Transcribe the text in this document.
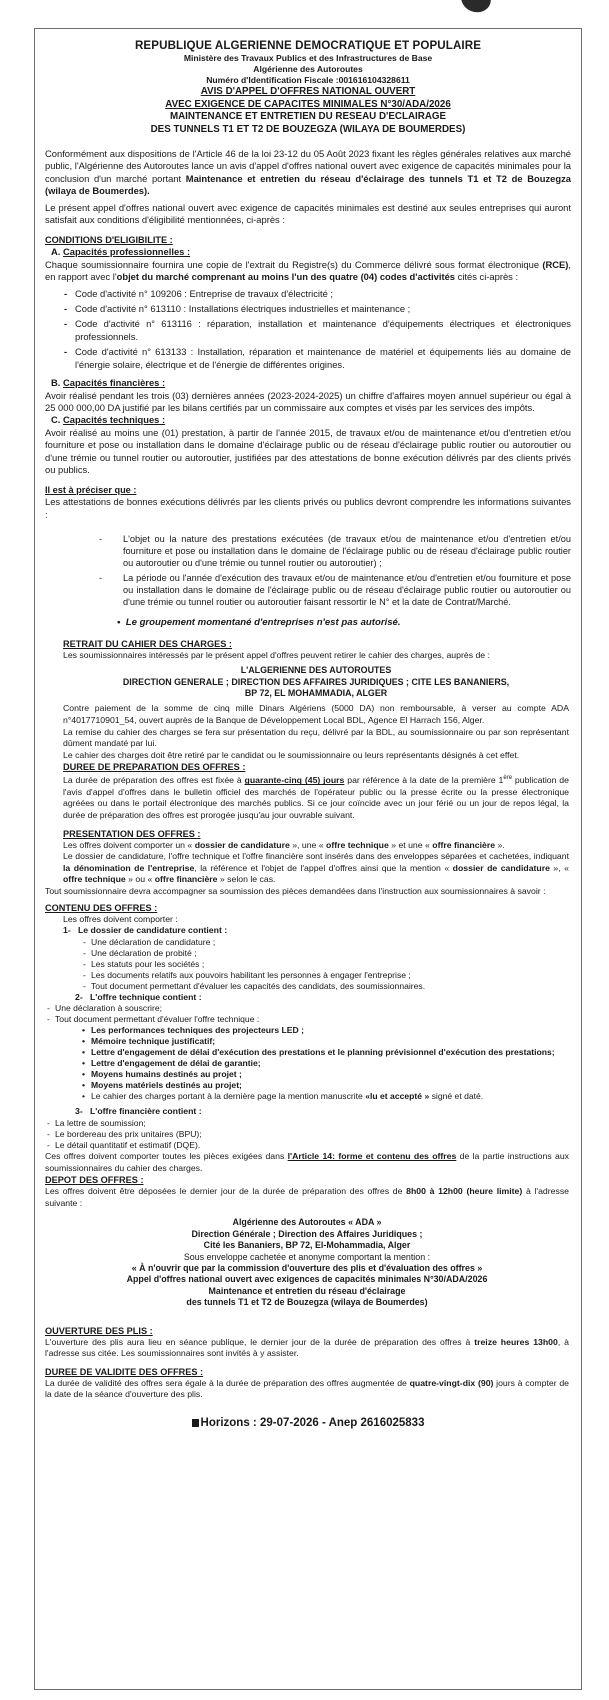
REPUBLIQUE ALGERIENNE DEMOCRATIQUE ET POPULAIRE
Ministère des Travaux Publics et des Infrastructures de Base
Algérienne des Autoroutes
Numéro d'Identification Fiscale :001616104328611
AVIS D'APPEL D'OFFRES NATIONAL OUVERT
AVEC EXIGENCE DE CAPACITES MINIMALES N°30/ADA/2026
MAINTENANCE ET ENTRETIEN DU RESEAU D'ECLAIRAGE
DES TUNNELS T1 ET T2 DE BOUZEGZA (WILAYA DE BOUMERDES)

Conformément aux dispositions de l'Article 46 de la loi 23-12 du 05 Août 2023 fixant les règles générales relatives aux marché public, l'Algérienne des Autoroutes lance un avis d'appel d'offres national ouvert avec exigence de capacités minimales pour la conclusion d'un marché portant Maintenance et entretien du réseau d'éclairage des tunnels T1 et T2 de Bouzegza (wilaya de Boumerdes).

Le présent appel d'offres national ouvert avec exigence de capacités minimales est destiné aux seules entreprises qui auront satisfait aux conditions d'éligibilité mentionnées, ci-après :

CONDITIONS D'ELIGIBILITE :
A. Capacités professionnelles :

Chaque soumissionnaire fournira une copie de l'extrait du Registre(s) du Commerce délivré sous format électronique (RCE), en rapport avec l'objet du marché comprenant au moins l'un des quatre (04) codes d'activités cités ci-après :

- Code d'activité n° 109206 : Entreprise de travaux d'électricité ;
- Code d'activité n° 613110 : Installations électriques industrielles et maintenance ;
- Code d'activité n° 613116 : réparation, installation et maintenance d'équipements électriques et électroniques professionnels.
- Code d'activité n° 613133 : Installation, réparation et maintenance de matériel et équipements liés au domaine de l'énergie solaire, électrique et de l'énergie de différentes origines.
B. Capacités financières :

Avoir réalisé pendant les trois (03) dernières années (2023-2024-2025) un chiffre d'affaires moyen annuel supérieur ou égal à 25 000 000,00 DA justifié par les bilans certifiés par un commissaire aux comptes et visés par les services des impôts.

C. Capacités techniques :

Avoir réalisé au moins une (01) prestation, à partir de l'année 2015, de travaux et/ou de maintenance et/ou d'entretien et/ou fourniture et pose ou installation dans le domaine d'éclairage public ou de réseau d'éclairage public routier ou autoroutier ou d'une trémie ou tunnel routier ou autoroutier, justifiées par des attestations de bonne exécution délivrés par des clients privés ou publics.

Il est à préciser que :

Les attestations de bonnes exécutions délivrés par les clients privés ou publics devront comprendre les informations suivantes :

- L'objet ou la nature des prestations exécutées (de travaux et/ou de maintenance et/ou d'entretien et/ou fourniture et pose ou installation dans le domaine de l'éclairage public ou de réseau d'éclairage public routier ou autoroutier ou d'une trémie ou tunnel routier ou autoroutier) ;
- La période ou l'année d'exécution des travaux et/ou de maintenance et/ou d'entretien et/ou fourniture et pose ou installation dans le domaine de l'éclairage public ou de réseau d'éclairage public routier ou autoroutier ou d'une trémie ou tunnel routier ou autoroutier faisant ressortir le N° et la date de Contrat/Marché.
•  Le groupement momentané d'entreprises n'est pas autorisé.
RETRAIT DU CAHIER DES CHARGES :

Les soumissionnaires intéressés par le présent appel d'offres peuvent retirer le cahier des charges, auprès de :

L'ALGERIENNE DES AUTOROUTES
DIRECTION GENERALE ; DIRECTION DES AFFAIRES JURIDIQUES ; CITE LES BANANIERS,
BP 72, EL MOHAMMADIA, ALGER

Contre paiement de la somme de cinq mille Dinars Algériens (5000 DA) non remboursable, à verser au compte ADA n°4017710901_54, ouvert auprès de la Banque de Développement Local BDL, Agence El Harrach 156, Alger.

La remise du cahier des charges se fera sur présentation du reçu, délivré par la BDL, au soumissionnaire ou par son représentant dûment mandaté par lui.

Le cahier des charges doit être retiré par le candidat ou le soumissionnaire ou leurs représentants désignés à cet effet.

DUREE DE PREPARATION DES OFFRES :

La durée de préparation des offres est fixée à guarante-cinq (45) jours par référence à la date de la première 1ère publication de l'avis d'appel d'offres dans le bulletin officiel des marchés de l'opérateur public ou la presse écrite ou la presse électronique agréées ou dans le portail électronique des marchés publics. Si ce jour coïncide avec un jour férié ou un jour de repos légal, la durée de préparation des offres est prorogée jusqu'au jour ouvrable suivant.

PRESENTATION DES OFFRES :

Les offres doivent comporter un « dossier de candidature », une « offre technique » et une « offre financière ».

Le dossier de candidature, l'offre technique et l'offre financière sont insérés dans des enveloppes séparées et cachetées, indiquant la dénomination de l'entreprise, la référence et l'objet de l'appel d'offres ainsi que la mention « dossier de candidature », « offre technique » ou « offre financière » selon le cas.

Tout soumissionnaire devra accompagner sa soumission des pièces demandées dans l'instruction aux soumissionnaires à savoir :

CONTENU DES OFFRES :
Les offres doivent comporter :
1- Le dossier de candidature contient :
- Une déclaration de candidature ;
- Une déclaration de probité ;
- Les statuts pour les sociétés ;
- Les documents relatifs aux pouvoirs habilitant les personnes à engager l'entreprise ;
- Tout document permettant d'évaluer les capacités des candidats, des soumissionnaires.
2- L'offre technique contient :
- Une déclaration à souscrire;
- Tout document permettant d'évaluer l'offre technique :
• Les performances techniques des projecteurs LED ;
• Mémoire technique justificatif;
• Lettre d'engagement de délai d'exécution des prestations et le planning prévisionnel d'exécution des prestations;
• Lettre d'engagement de délai de garantie;
• Moyens humains destinés au projet ;
• Moyens matériels destinés au projet;
• Le cahier des charges portant à la dernière page la mention manuscrite «lu et accepté » signé et daté.
3- L'offre financière contient :
- La lettre de soumission;
- Le bordereau des prix unitaires (BPU);
- Le détail quantitatif et estimatif (DQE).

Ces offres doivent comporter toutes les pièces exigées dans l'Article 14: forme et contenu des offres de la partie instructions aux soumissionnaires du cahier des charges.

DEPOT DES OFFRES :

Les offres doivent être déposées le dernier jour de la durée de préparation des offres de 8h00 à 12h00 (heure limite) à l'adresse suivante :

Algérienne des Autoroutes « ADA »
Direction Générale ; Direction des Affaires Juridiques ;
Cité les Bananiers, BP 72, El-Mohammadia, Alger
Sous enveloppe cachetée et anonyme comportant la mention :
« À n'ouvrir que par la commission d'ouverture des plis et d'évaluation des offres »
Appel d'offres national ouvert avec exigences de capacités minimales N°30/ADA/2026
Maintenance et entretien du réseau d'éclairage
des tunnels T1 et T2 de Bouzegza (wilaya de Boumerdes)
OUVERTURE DES PLIS :

L'ouverture des plis aura lieu en séance publique, le dernier jour de la durée de préparation des offres à treize heures 13h00, à l'adresse sus citée. Les soumissionnaires sont invités à y assister.

DUREE DE VALIDITE DES OFFRES :

La durée de validité des offres sera égale à la durée de préparation des offres augmentée de quatre-vingt-dix (90) jours à compter de la date de la séance d'ouverture des plis.

Horizons : 29-07-2026 - Anep 2616025833
